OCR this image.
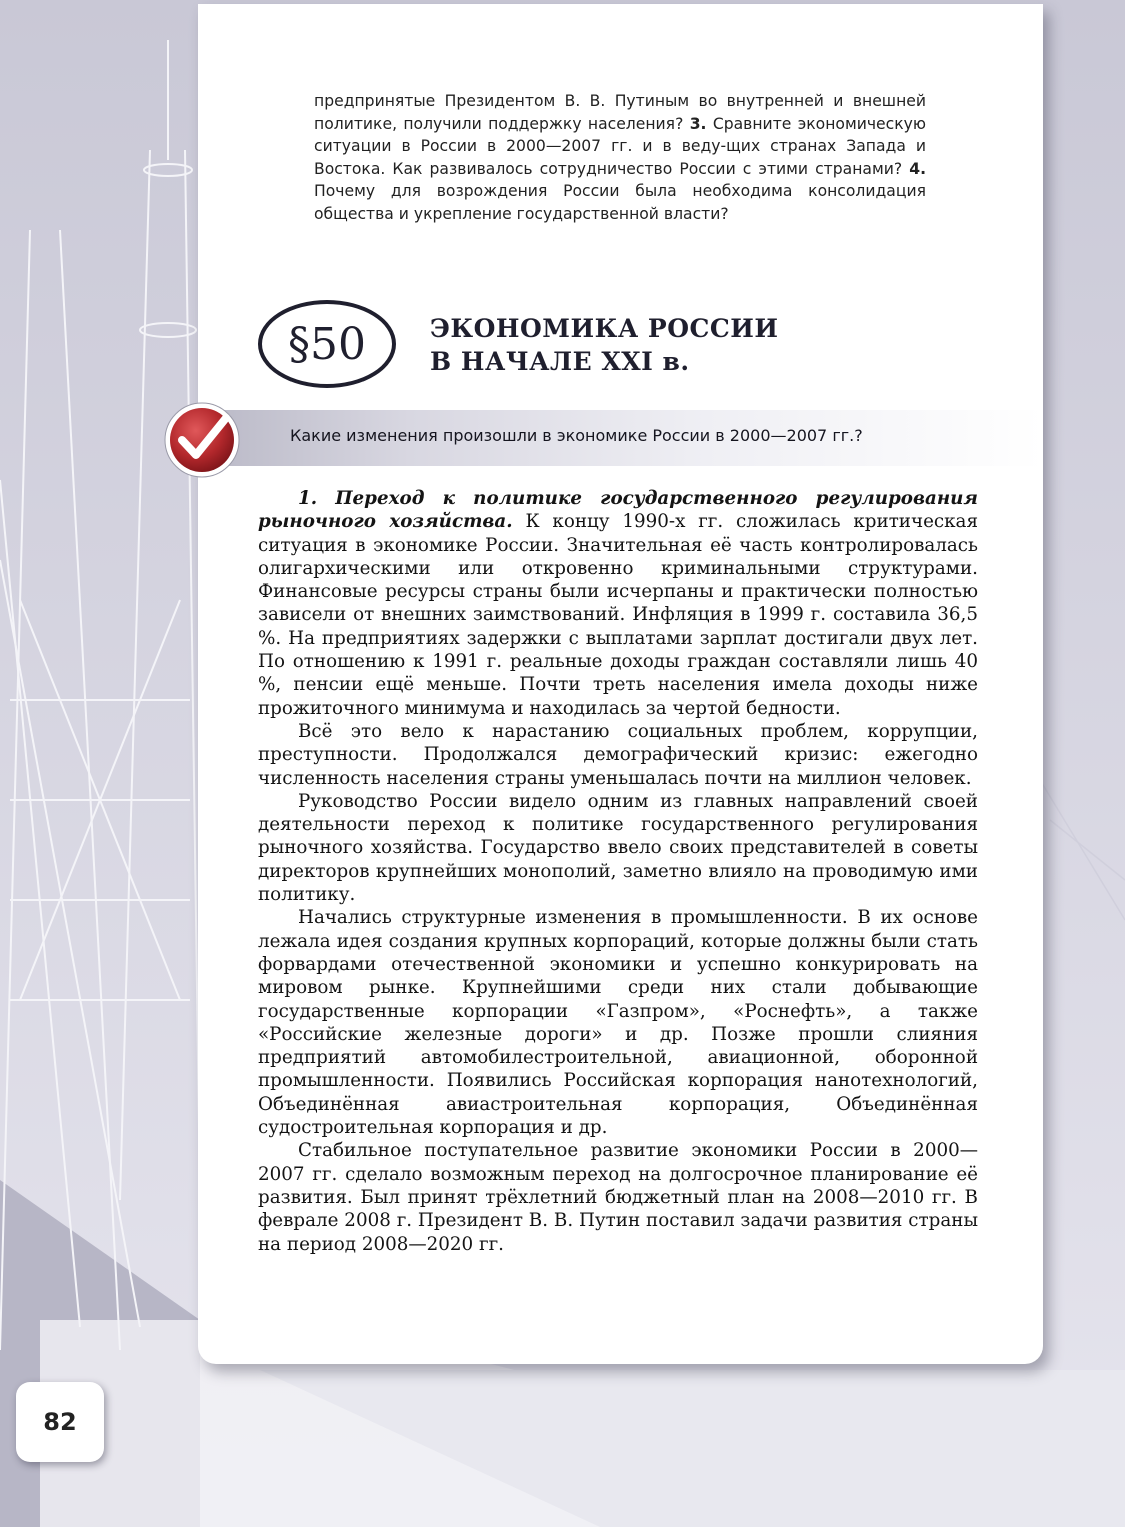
предпринятые Президентом В. В. Путиным во внутренней и внешней политике, получили поддержку населения? 3. Сравните экономическую ситуации в России в 2000—2007 гг. и в веду-щих странах Запада и Востока. Как развивалось сотрудничество России с этими странами? 4. Почему для возрождения России была необходима консолидация общества и укрепление государственной власти?

§50	ЭКОНОМИКА РОССИИ
В НАЧАЛЕ XXI в.

Какие изменения произошли в экономике России в 2000—2007 гг.?

1. Переход к политике государственного регулирования рыночного хозяйства. К концу 1990-х гг. сложилась критическая ситуация в экономике России. Значительная её часть контролировалась олигархическими или откровенно криминальными структурами. Финансовые ресурсы страны были исчерпаны и практически полностью зависели от внешних заимствований. Инфляция в 1999 г. составила 36,5 %. На предприятиях задержки с выплатами зарплат достигали двух лет. По отношению к 1991 г. реальные доходы граждан составляли лишь 40 %, пенсии ещё меньше. Почти треть населения имела доходы ниже прожиточного минимума и находилась за чертой бедности.

Всё это вело к нарастанию социальных проблем, коррупции, преступности. Продолжался демографический кризис: ежегодно численность населения страны уменьшалась почти на миллион человек.

Руководство России видело одним из главных направлений своей деятельности переход к политике государственного регулирования рыночного хозяйства. Государство ввело своих представителей в советы директоров крупнейших монополий, заметно влияло на проводимую ими политику.

Начались структурные изменения в промышленности. В их основе лежала идея создания крупных корпораций, которые должны были стать форвардами отечественной экономики и успешно конкурировать на мировом рынке. Крупнейшими среди них стали добывающие государственные корпорации «Газпром», «Роснефть», а также «Российские железные дороги» и др. Позже прошли слияния предприятий автомобилестроительной, авиационной, оборонной промышленности. Появились Российская корпорация нанотехнологий, Объединённая авиастроительная корпорация, Объединённая судостроительная корпорация и др.

Стабильное поступательное развитие экономики России в 2000—2007 гг. сделало возможным переход на долгосрочное планирование её развития. Был принят трёхлетний бюджетный план на 2008—2010 гг. В феврале 2008 г. Президент В. В. Путин поставил задачи развития страны на период 2008—2020 гг.

82
